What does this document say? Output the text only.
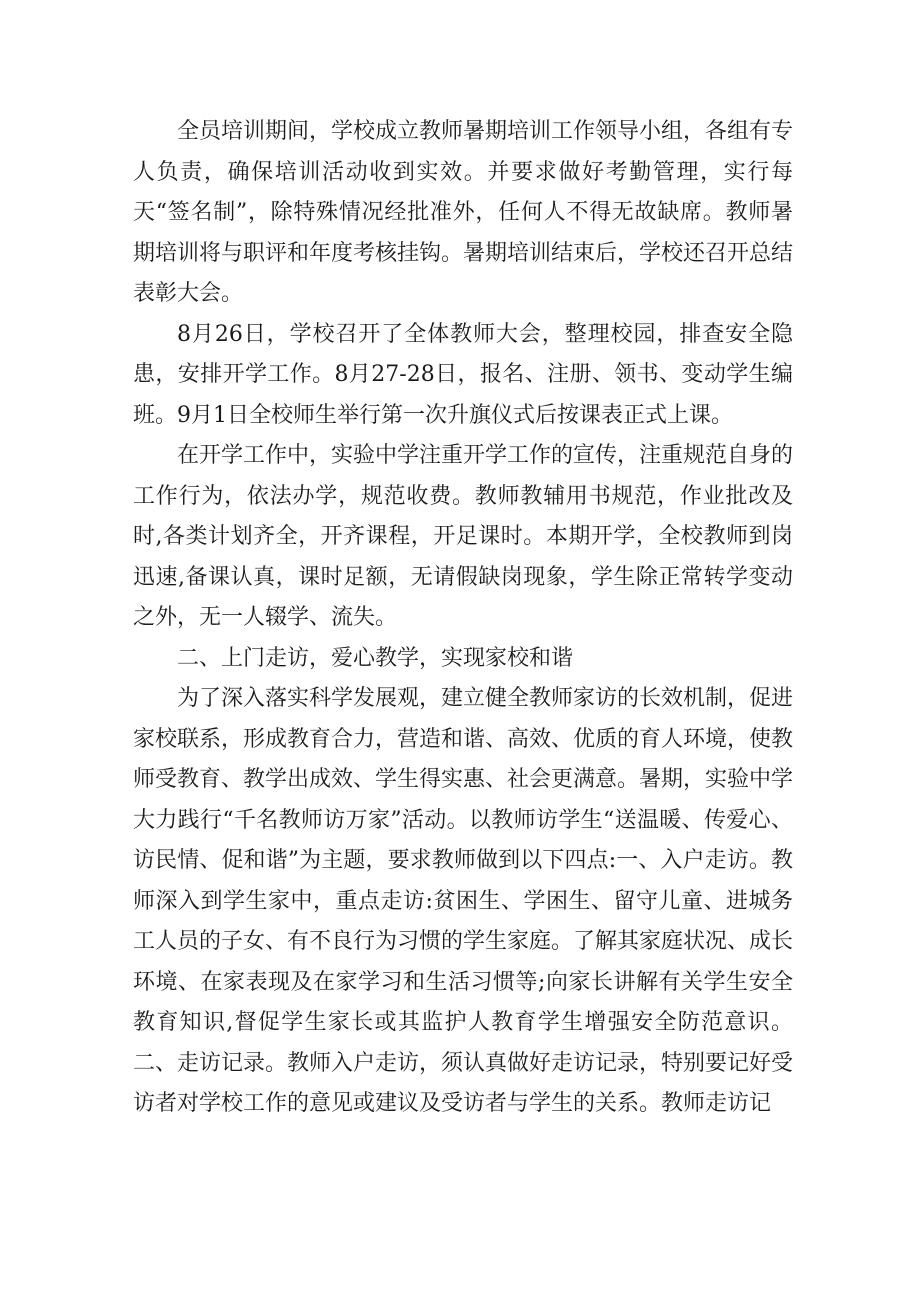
全员培训期间，学校成立教师暑期培训工作领导小组，各组有专人负责，确保培训活动收到实效。并要求做好考勤管理，实行每天“签名制”，除特殊情况经批准外，任何人不得无故缺席。教师暑期培训将与职评和年度考核挂钩。暑期培训结束后，学校还召开总结表彰大会。

8月26日，学校召开了全体教师大会，整理校园，排查安全隐患，安排开学工作。8月27-28日，报名、注册、领书、变动学生编班。9月1日全校师生举行第一次升旗仪式后按课表正式上课。

在开学工作中，实验中学注重开学工作的宣传，注重规范自身的工作行为，依法办学，规范收费。教师教辅用书规范，作业批改及时,各类计划齐全，开齐课程，开足课时。本期开学，全校教师到岗迅速,备课认真，课时足额，无请假缺岗现象，学生除正常转学变动之外，无一人辍学、流失。

二、上门走访，爱心教学，实现家校和谐

为了深入落实科学发展观，建立健全教师家访的长效机制，促进家校联系，形成教育合力，营造和谐、高效、优质的育人环境，使教师受教育、教学出成效、学生得实惠、社会更满意。暑期，实验中学大力践行“千名教师访万家”活动。以教师访学生“送温暖、传爱心、访民情、促和谐”为主题，要求教师做到以下四点:一、入户走访。教师深入到学生家中，重点走访:贫困生、学困生、留守儿童、进城务工人员的子女、有不良行为习惯的学生家庭。了解其家庭状况、成长环境、在家表现及在家学习和生活习惯等;向家长讲解有关学生安全教育知识,督促学生家长或其监护人教育学生增强安全防范意识。二、走访记录。教师入户走访，须认真做好走访记录，特别要记好受访者对学校工作的意见或建议及受访者与学生的关系。教师走访记
